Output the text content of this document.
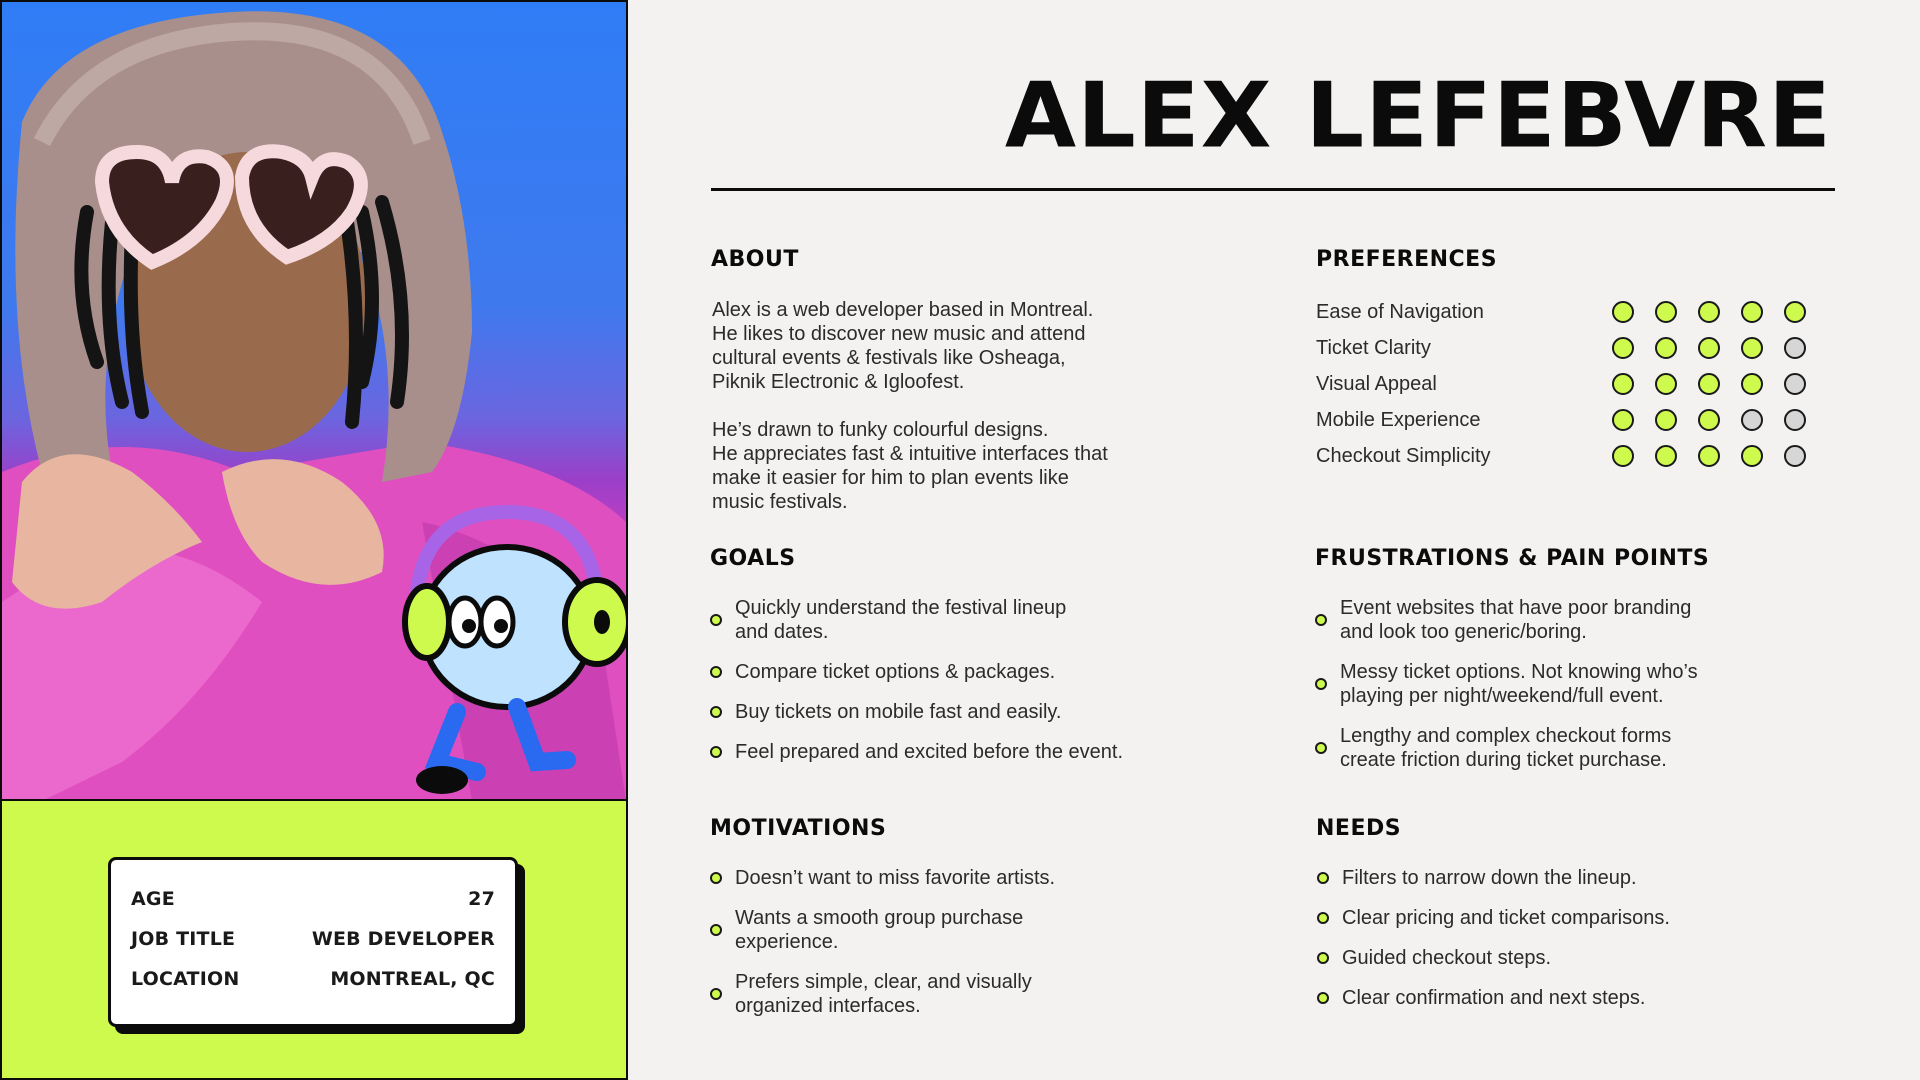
AGE	27
JOB TITLE	WEB DEVELOPER
LOCATION	MONTREAL, QC
ALEX LEFEBVRE
ABOUT
Alex is a web developer based in Montreal.
He likes to discover new music and attend
cultural events & festivals like Osheaga,
Piknik Electronic & Igloofest.
He’s drawn to funky colourful designs.
He appreciates fast & intuitive interfaces that
make it easier for him to plan events like
music festivals.
PREFERENCES
Ease of Navigation
Ticket Clarity
Visual Appeal
Mobile Experience
Checkout Simplicity
GOALS
Quickly understand the festival lineup
and dates.
Compare ticket options & packages.
Buy tickets on mobile fast and easily.
Feel prepared and excited before the event.
FRUSTRATIONS & PAIN POINTS
Event websites that have poor branding
and look too generic/boring.
Messy ticket options. Not knowing who’s
playing per night/weekend/full event.
Lengthy and complex checkout forms
create friction during ticket purchase.
MOTIVATIONS
Doesn’t want to miss favorite artists.
Wants a smooth group purchase
experience.
Prefers simple, clear, and visually
organized interfaces.
NEEDS
Filters to narrow down the lineup.
Clear pricing and ticket comparisons.
Guided checkout steps.
Clear confirmation and next steps.
